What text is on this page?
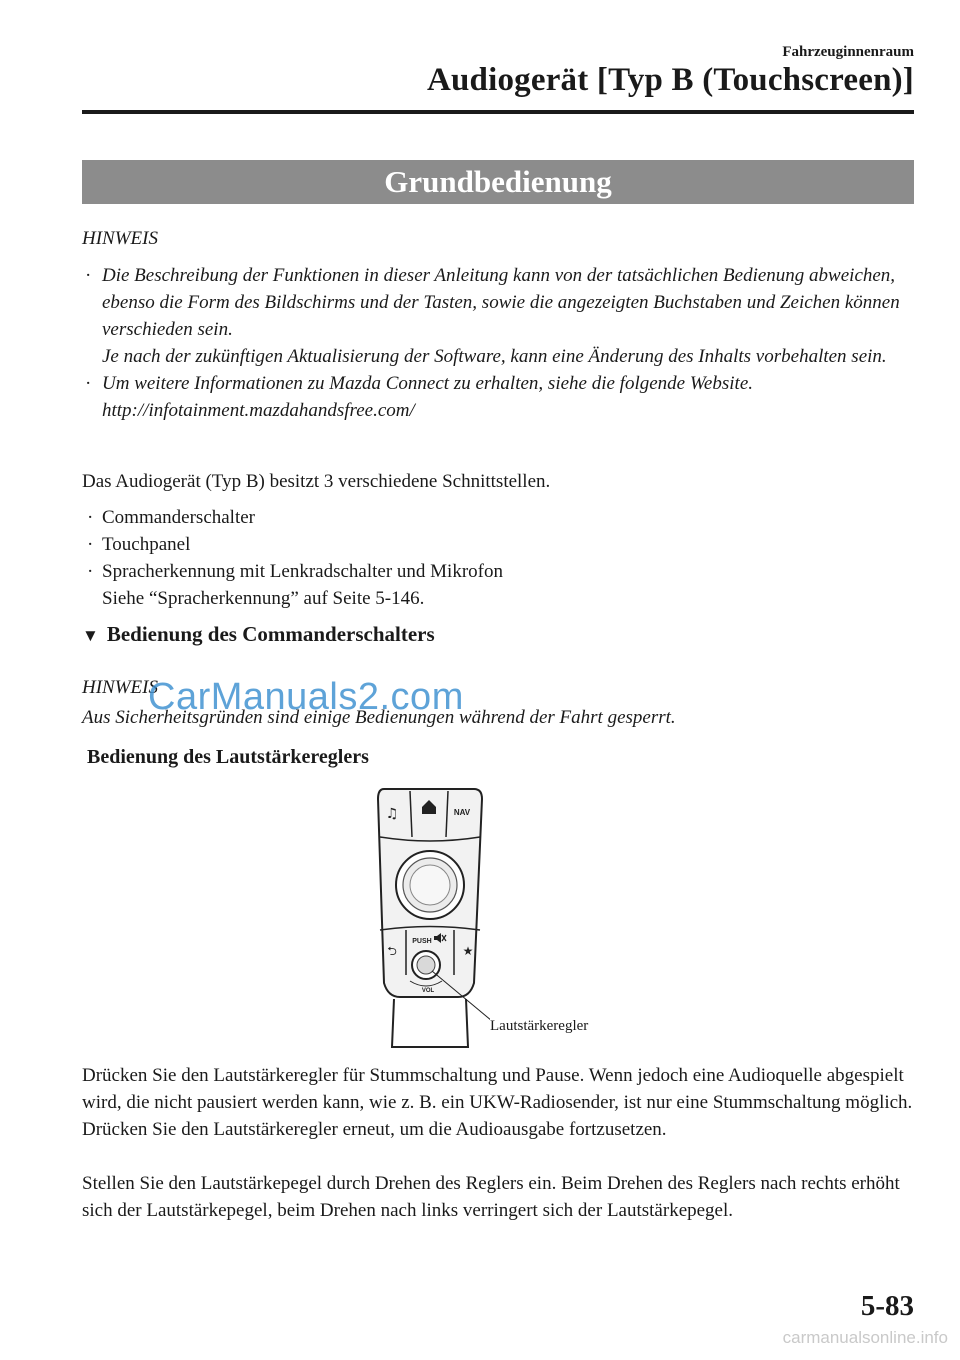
Fahrzeuginnenraum
Audiogerät [Typ B (Touchscreen)]
Grundbedienung
HINWEIS
· Die Beschreibung der Funktionen in dieser Anleitung kann von der tatsächlichen Bedienung abweichen, ebenso die Form des Bildschirms und der Tasten, sowie die angezeigten Buchstaben und Zeichen können verschieden sein.
Je nach der zukünftigen Aktualisierung der Software, kann eine Änderung des Inhalts vorbehalten sein.
· Um weitere Informationen zu Mazda Connect zu erhalten, siehe die folgende Website.
http://infotainment.mazdahandsfree.com/

Das Audiogerät (Typ B) besitzt 3 verschiedene Schnittstellen.

· Commanderschalter
· Touchpanel
· Spracherkennung mit Lenkradschalter und Mikrofon
Siehe “Spracherkennung” auf Seite 5-146.
▼ Bedienung des Commanderschalters
HINWEIS

Aus Sicherheitsgründen sind einige Bedienungen während der Fahrt gesperrt.

Bedienung des Lautstärkereglers
CarManuals2.com
♫	NAV
⮌	★
PUSH
VOL
Lautstärkeregler

Drücken Sie den Lautstärkeregler für Stummschaltung und Pause. Wenn jedoch eine Audioquelle abgespielt wird, die nicht pausiert werden kann, wie z. B. ein UKW-Radiosender, ist nur eine Stummschaltung möglich. Drücken Sie den Lautstärkeregler erneut, um die Audioausgabe fortzusetzen.

Stellen Sie den Lautstärkepegel durch Drehen des Reglers ein. Beim Drehen des Reglers nach rechts erhöht sich der Lautstärkepegel, beim Drehen nach links verringert sich der Lautstärkepegel.

5-83
carmanualsonline.info
